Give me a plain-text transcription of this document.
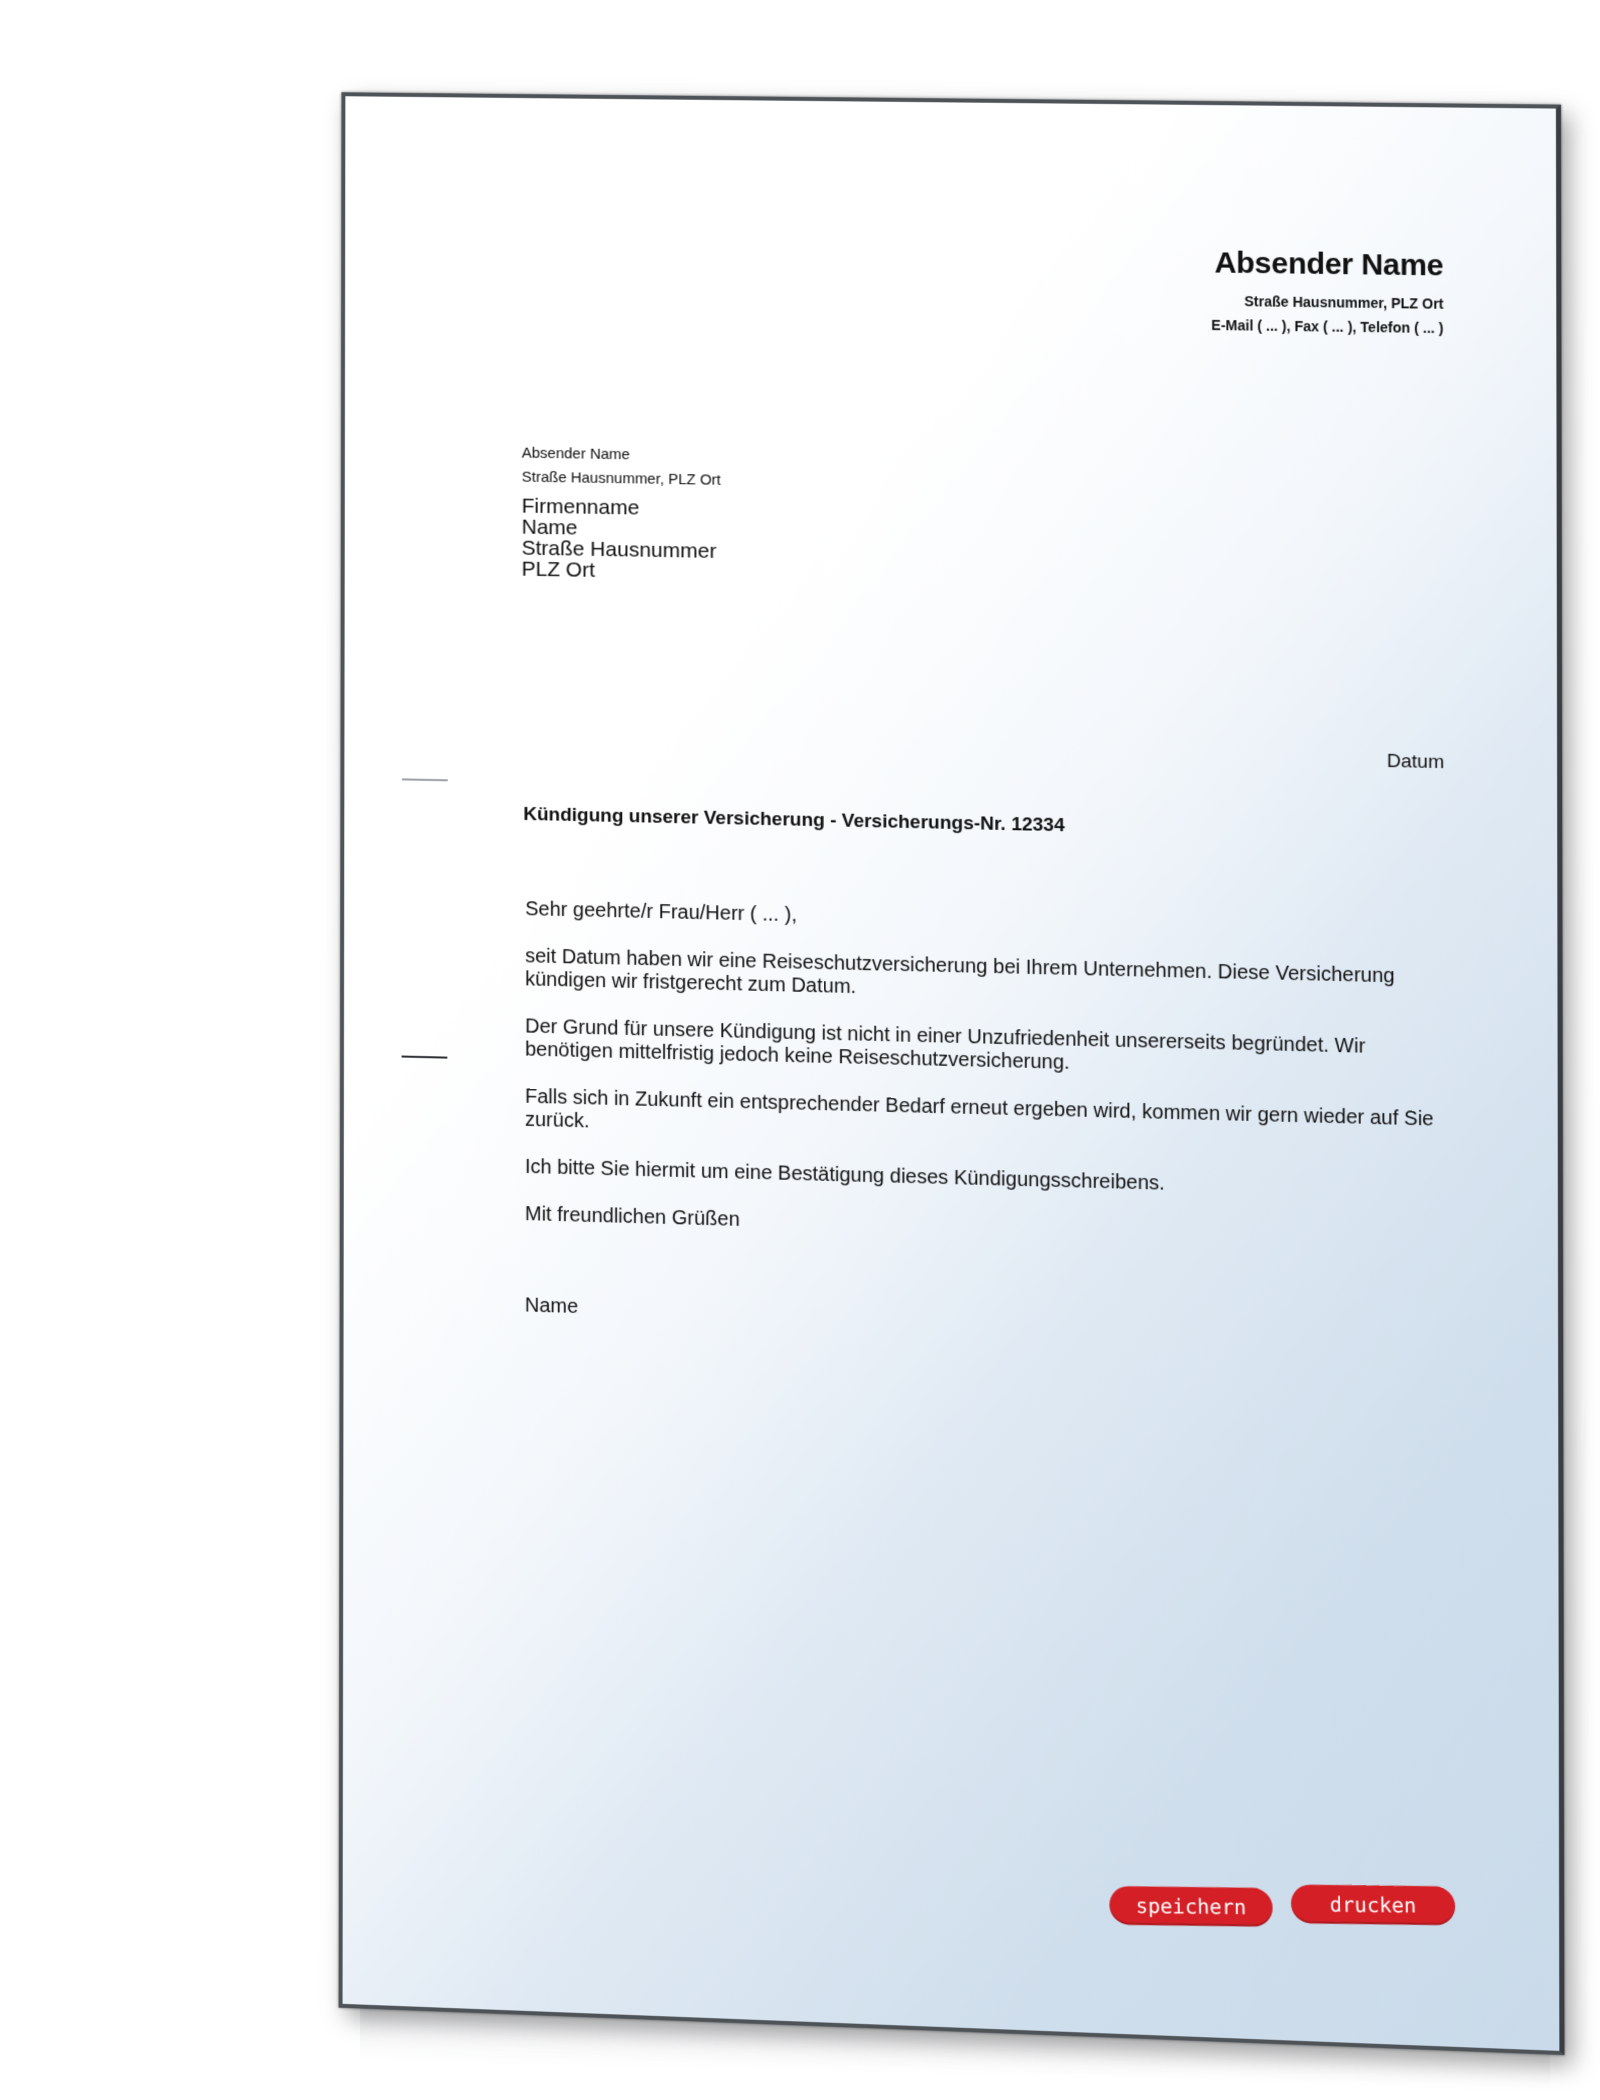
Absender Name
Straße Hausnummer, PLZ Ort
E-Mail ( ... ), Fax ( ... ), Telefon ( ... )
Absender Name
Straße Hausnummer, PLZ Ort
Firmenname
Name
Straße Hausnummer
PLZ Ort
Datum
Kündigung unserer Versicherung - Versicherungs-Nr. 12334

Sehr geehrte/r Frau/Herr ( ... ),

seit Datum haben wir eine Reiseschutzversicherung bei Ihrem Unternehmen. Diese Versicherung kündigen wir fristgerecht zum Datum.

Der Grund für unsere Kündigung ist nicht in einer Unzufriedenheit unsererseits begründet. Wir benötigen mittelfristig jedoch keine Reiseschutzversicherung.

Falls sich in Zukunft ein entsprechender Bedarf erneut ergeben wird, kommen wir gern wieder auf Sie zurück.

Ich bitte Sie hiermit um eine Bestätigung dieses Kündigungsschreibens.

Mit freundlichen Grüßen

Name

speichern	drucken
